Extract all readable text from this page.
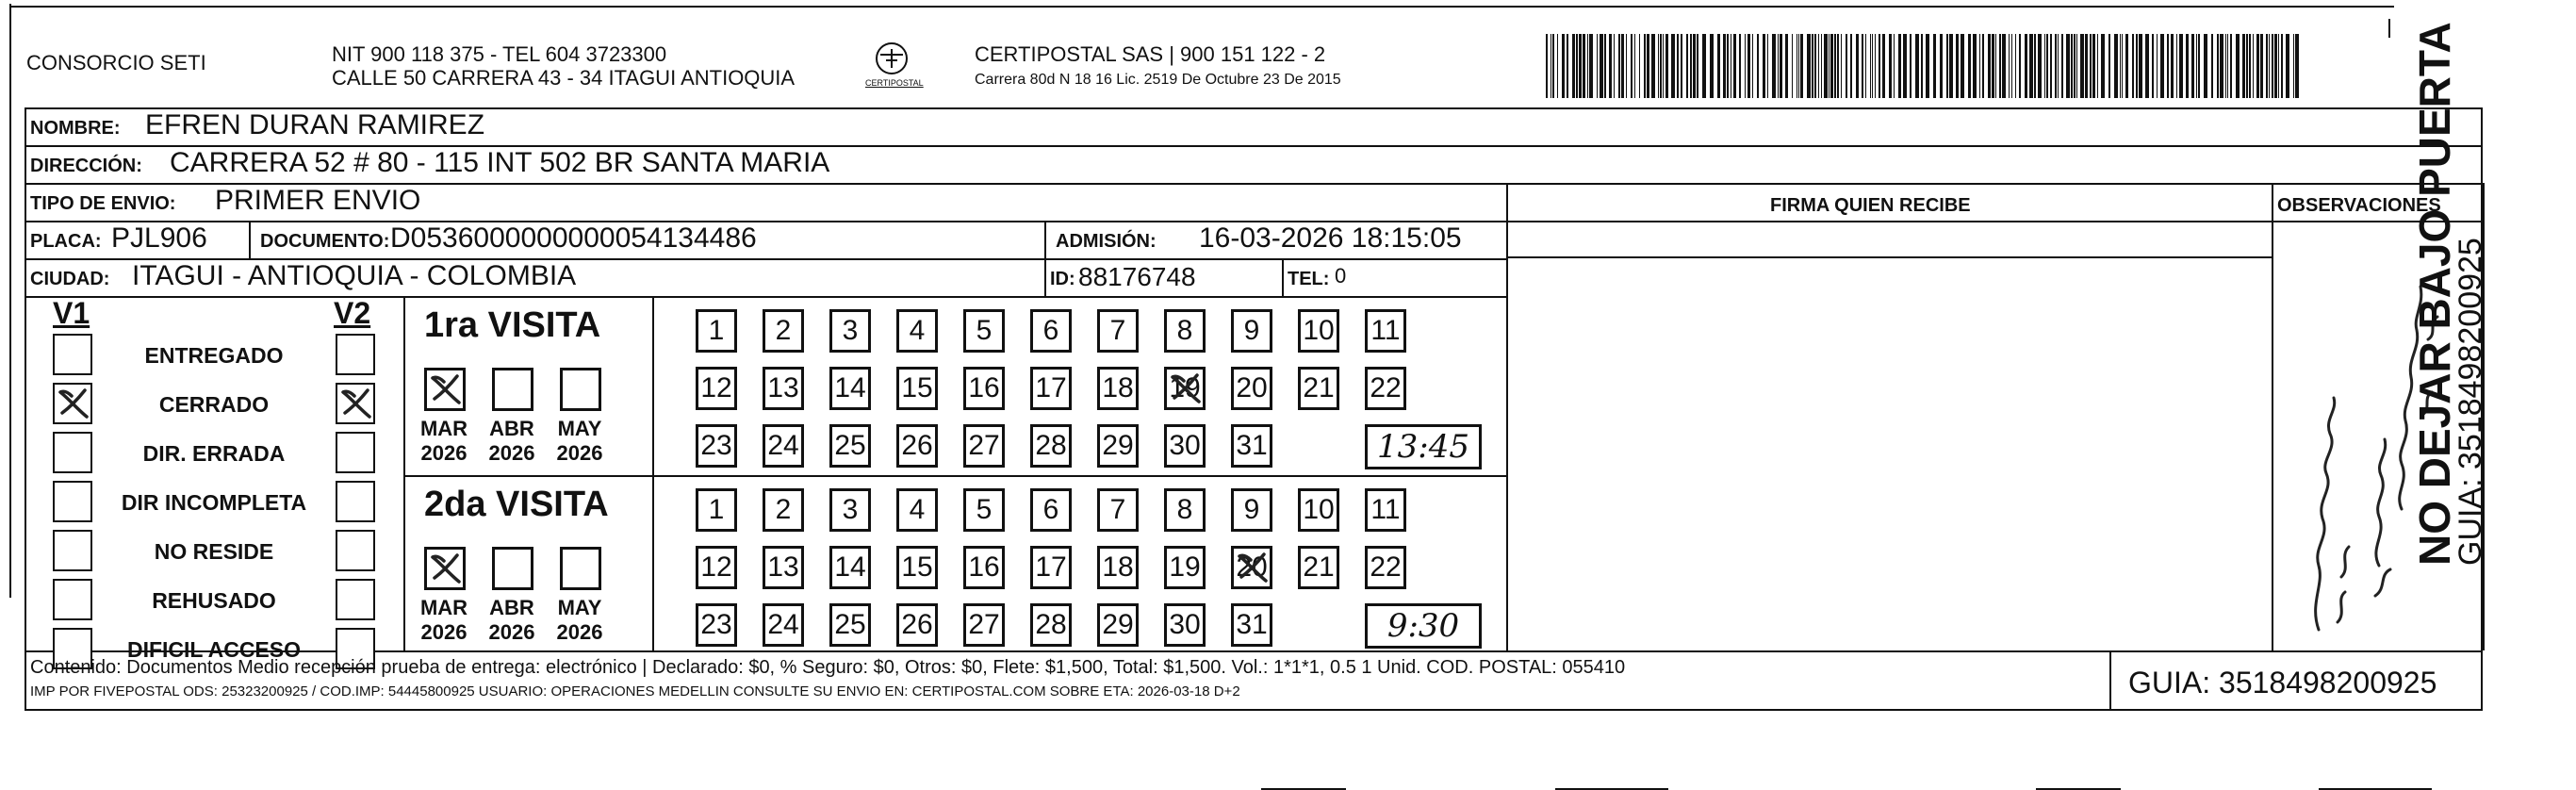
CONSORCIO SETI	NIT 900 118 375 - TEL 604 3723300
CALLE 50 CARRERA 43 - 34 ITAGUI ANTIOQUIA	CERTIPOSTAL
CERTIPOSTAL SAS | 900 151 122 - 2
Carrera 80d N 18 16 Lic. 2519 De Octubre 23 De 2015
NOMBRE: EFREN DURAN RAMIREZ
DIRECCIÓN: CARRERA 52 # 80 - 115 INT 502 BR SANTA MARIA
TIPO DE ENVIO: PRIMER ENVIO	FIRMA QUIEN RECIBE	OBSERVACIONES
PLACA: PJL906	DOCUMENTO: D0536000000000054134486	ADMISIÓN: 16-03-2026 18:15:05
CIUDAD: ITAGUI - ANTIOQUIA - COLOMBIA	ID: 88176748	TEL: 0
V1	V2
ENTREGADO
CERRADO
DIR. ERRADA
DIR INCOMPLETA
NO RESIDE
REHUSADO
DIFICIL ACCESO
1ra VISITA
MAR
2026
ABR
2026
MAY
2026
1 2 3 4 5 6 7 8 9 10 11
12 13 14 15 16 17 18 19 20 21 22
23 24 25 26 27 28 29 30 31	13:45
2da VISITA
MAR
2026
ABR
2026
MAY
2026
1 2 3 4 5 6 7 8 9 10 11
12 13 14 15 16 17 18 19 20 21 22
23 24 25 26 27 28 29 30 31	9:30
NO DEJAR BAJO PUERTA
GUIA: 3518498200925
Contenido: Documentos Medio recepción prueba de entrega: electrónico | Declarado: $0, % Seguro: $0, Otros: $0, Flete: $1,500, Total: $1,500. Vol.: 1*1*1, 0.5 1 Unid. COD. POSTAL: 055410
IMP POR FIVEPOSTAL ODS: 25323200925 / COD.IMP: 54445800925 USUARIO: OPERACIONES MEDELLIN CONSULTE SU ENVIO EN: CERTIPOSTAL.COM SOBRE ETA: 2026-03-18 D+2	GUIA: 3518498200925
